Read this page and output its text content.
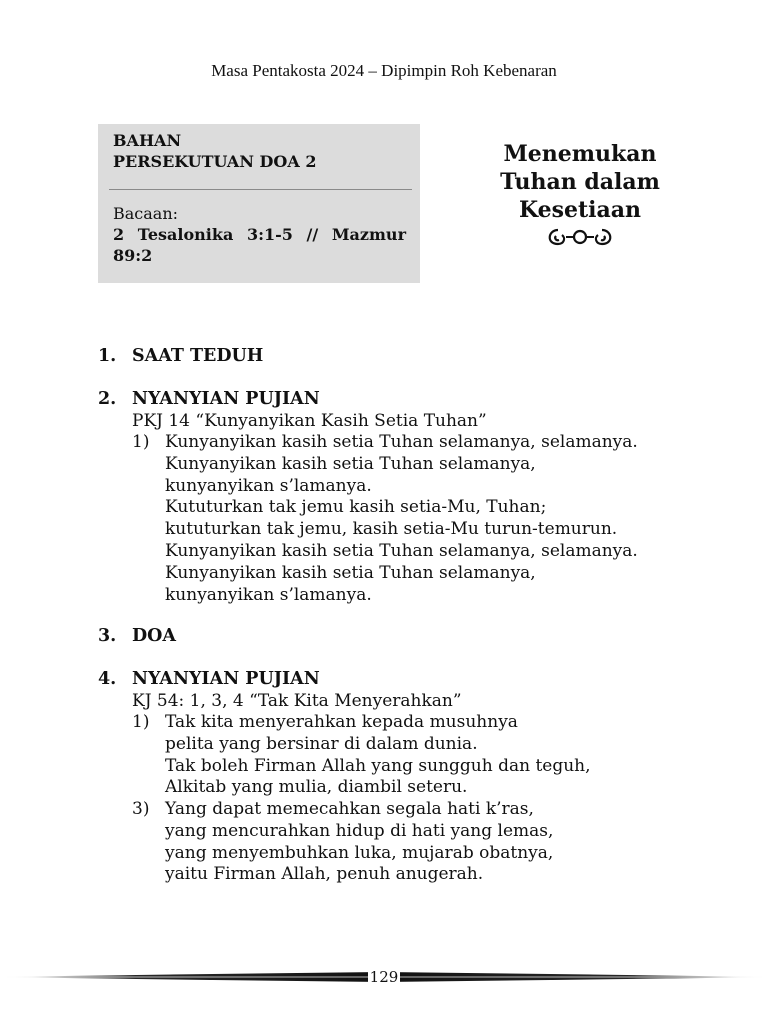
Masa Pentakosta 2024 – Dipimpin Roh Kebenaran
BAHAN
PERSEKUTUAN DOA 2
Bacaan:
2 Tesalonika 3:1-5 // Mazmur 89:2
Menemukan
Tuhan dalam
Kesetiaan
1. SAAT TEDUH
2. NYANYIAN PUJIAN
PKJ 14 “Kunyanyikan Kasih Setia Tuhan”
1) Kunyanyikan kasih setia Tuhan selamanya, selamanya.
Kunyanyikan kasih setia Tuhan selamanya,
kunyanyikan s’lamanya.
Kututurkan tak jemu kasih setia-Mu, Tuhan;
kututurkan tak jemu, kasih setia-Mu turun-temurun.
Kunyanyikan kasih setia Tuhan selamanya, selamanya.
Kunyanyikan kasih setia Tuhan selamanya,
kunyanyikan s’lamanya.
3. DOA
4. NYANYIAN PUJIAN
KJ 54: 1, 3, 4 “Tak Kita Menyerahkan”
1) Tak kita menyerahkan kepada musuhnya
pelita yang bersinar di dalam dunia.
Tak boleh Firman Allah yang sungguh dan teguh,
Alkitab yang mulia, diambil seteru.
3) Yang dapat memecahkan segala hati k’ras,
yang mencurahkan hidup di hati yang lemas,
yang menyembuhkan luka, mujarab obatnya,
yaitu Firman Allah, penuh anugerah.
129
